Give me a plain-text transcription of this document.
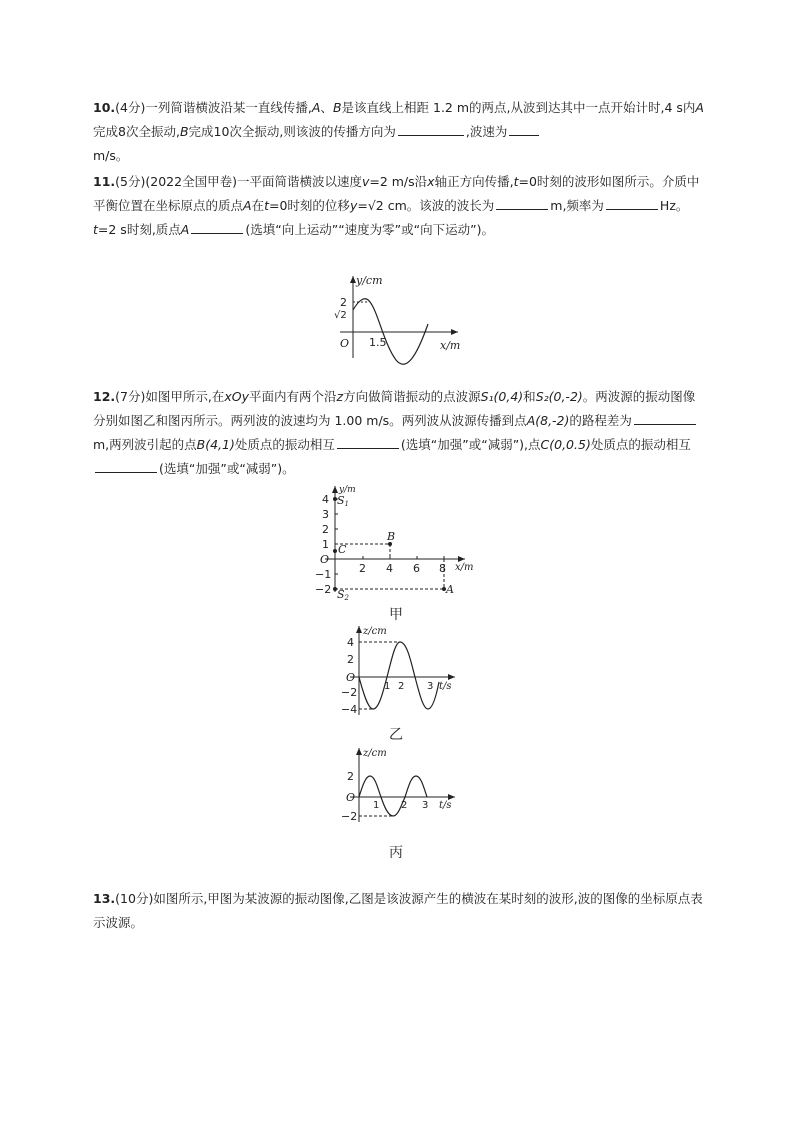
10.(4分)一列简谐横波沿某一直线传播,A、B是该直线上相距 1.2 m的两点,从波到达其中一点开始计时,4 s内A完成8次全振动,B完成10次全振动,则该波的传播方向为	,波速为
m/s。
11.(5分)(2022全国甲卷)一平面简谐横波以速度v=2 m/s沿x轴正方向传播,t=0时刻的波形如图所示。介质中平衡位置在坐标原点的质点A在t=0时刻的位移y=√2 cm。该波的波长为	m,频率为	Hz。t=2 s时刻,质点A	(选填“向上运动”“速度为零”或“向下运动”)。
y/cm
2
√2
O 1.5	x/m
12.(7分)如图甲所示,在xOy平面内有两个沿z方向做简谐振动的点波源S₁(0,4)和S₂(0,-2)。两波源的振动图像分别如图乙和图丙所示。两列波的波速均为 1.00 m/s。两列波从波源传播到点A(8,-2)的路程差为m,两列波引起的点B(4,1)处质点的振动相互	(选填“加强”或“减弱”),点C(0,0.5)处质点的振动相互(选填“加强”或“减弱”)。
y/m
4
3
2
1
−1
−2
O
2 4 6 8 x/m
S1
S2
B
C
A
甲
z/cm
4
2
−2
−4
O
1 2 3 t/s
乙
z/cm
2
−2
O
1 2 3 t/s
丙
13.(10分)如图所示,甲图为某波源的振动图像,乙图是该波源产生的横波在某时刻的波形,波的图像的坐标原点表示波源。
